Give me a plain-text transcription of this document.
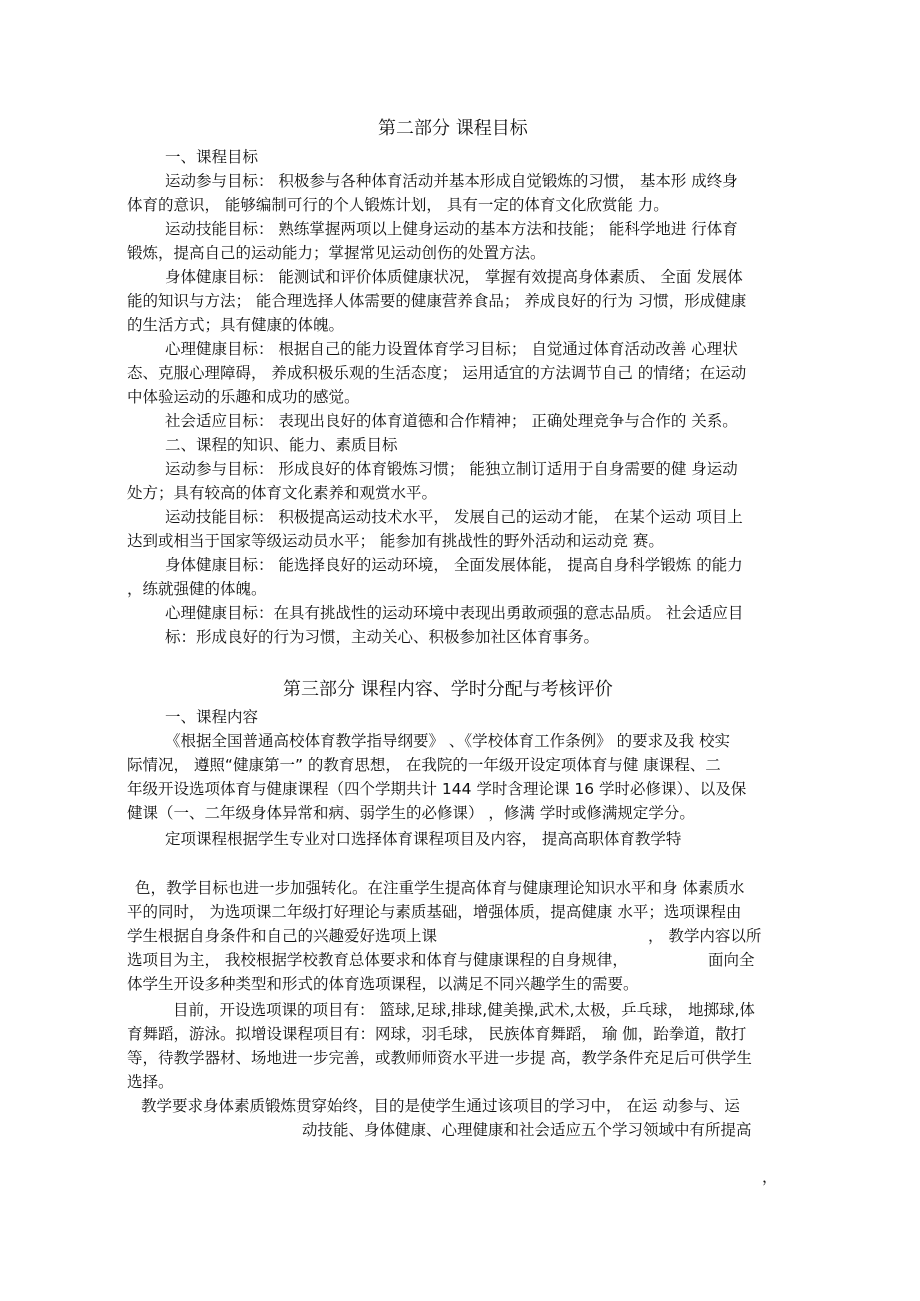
第二部分 课程目标
一、课程目标
运动参与目标： 积极参与各种体育活动并基本形成自觉锻炼的习惯， 基本形 成终身
体育的意识， 能够编制可行的个人锻炼计划， 具有一定的体育文化欣赏能 力。
运动技能目标： 熟练掌握两项以上健身运动的基本方法和技能； 能科学地进 行体育
锻炼，提高自己的运动能力；掌握常见运动创伤的处置方法。
身体健康目标： 能测试和评价体质健康状况， 掌握有效提高身体素质、 全面 发展体
能的知识与方法； 能合理选择人体需要的健康营养食品； 养成良好的行为 习惯，形成健康
的生活方式；具有健康的体魄。
心理健康目标： 根据自己的能力设置体育学习目标； 自觉通过体育活动改善 心理状
态、克服心理障碍， 养成积极乐观的生活态度； 运用适宜的方法调节自己 的情绪；在运动
中体验运动的乐趣和成功的感觉。
社会适应目标： 表现出良好的体育道德和合作精神； 正确处理竞争与合作的 关系。
二、课程的知识、能力、素质目标
运动参与目标： 形成良好的体育锻炼习惯； 能独立制订适用于自身需要的健 身运动
处方；具有较高的体育文化素养和观赏水平。
运动技能目标： 积极提高运动技术水平， 发展自己的运动才能， 在某个运动 项目上
达到或相当于国家等级运动员水平； 能参加有挑战性的野外活动和运动竞 赛。
身体健康目标： 能选择良好的运动环境， 全面发展体能， 提高自身科学锻炼 的能力
，练就强健的体魄。
心理健康目标：在具有挑战性的运动环境中表现出勇敢顽强的意志品质。 社会适应目
标：形成良好的行为习惯，主动关心、积极参加社区体育事务。
第三部分 课程内容、学时分配与考核评价
一、课程内容
《根据全国普通高校体育教学指导纲要》 、《学校体育工作条例》 的要求及我 校实
际情况， 遵照“健康第一” 的教育思想， 在我院的一年级开设定项体育与健 康课程、二
年级开设选项体育与健康课程（四个学期共计 144 学时含理论课 16 学时必修课）、以及保
健课（一、二年级身体异常和病、弱学生的必修课） ，修满 学时或修满规定学分。
定项课程根据学生专业对口选择体育课程项目及内容， 提高高职体育教学特
色，教学目标也进一步加强转化。在注重学生提高体育与健康理论知识水平和身 体素质水
平的同时， 为选项课二年级打好理论与素质基础，增强体质，提高健康 水平；选项课程由
学生根据自身条件和自己的兴趣爱好选项上课	， 教学内容以所
选项目为主， 我校根据学校教育总体要求和体育与健康课程的自身规律，	面向全
体学生开设多种类型和形式的体育选项课程，以满足不同兴趣学生的需要。
目前，开设选项课的项目有： 篮球,足球,排球,健美操,武术,太极，乒乓球， 地掷球,体
育舞蹈，游泳。拟增设课程项目有：网球，羽毛球， 民族体育舞蹈， 瑜 伽，跆拳道，散打
等，待教学器材、场地进一步完善，或教师师资水平进一步提 高，教学条件充足后可供学生
选择。
教学要求身体素质锻炼贯穿始终，目的是使学生通过该项目的学习中， 在运 动参与、运
动技能、身体健康、心理健康和社会适应五个学习领域中有所提高
，
